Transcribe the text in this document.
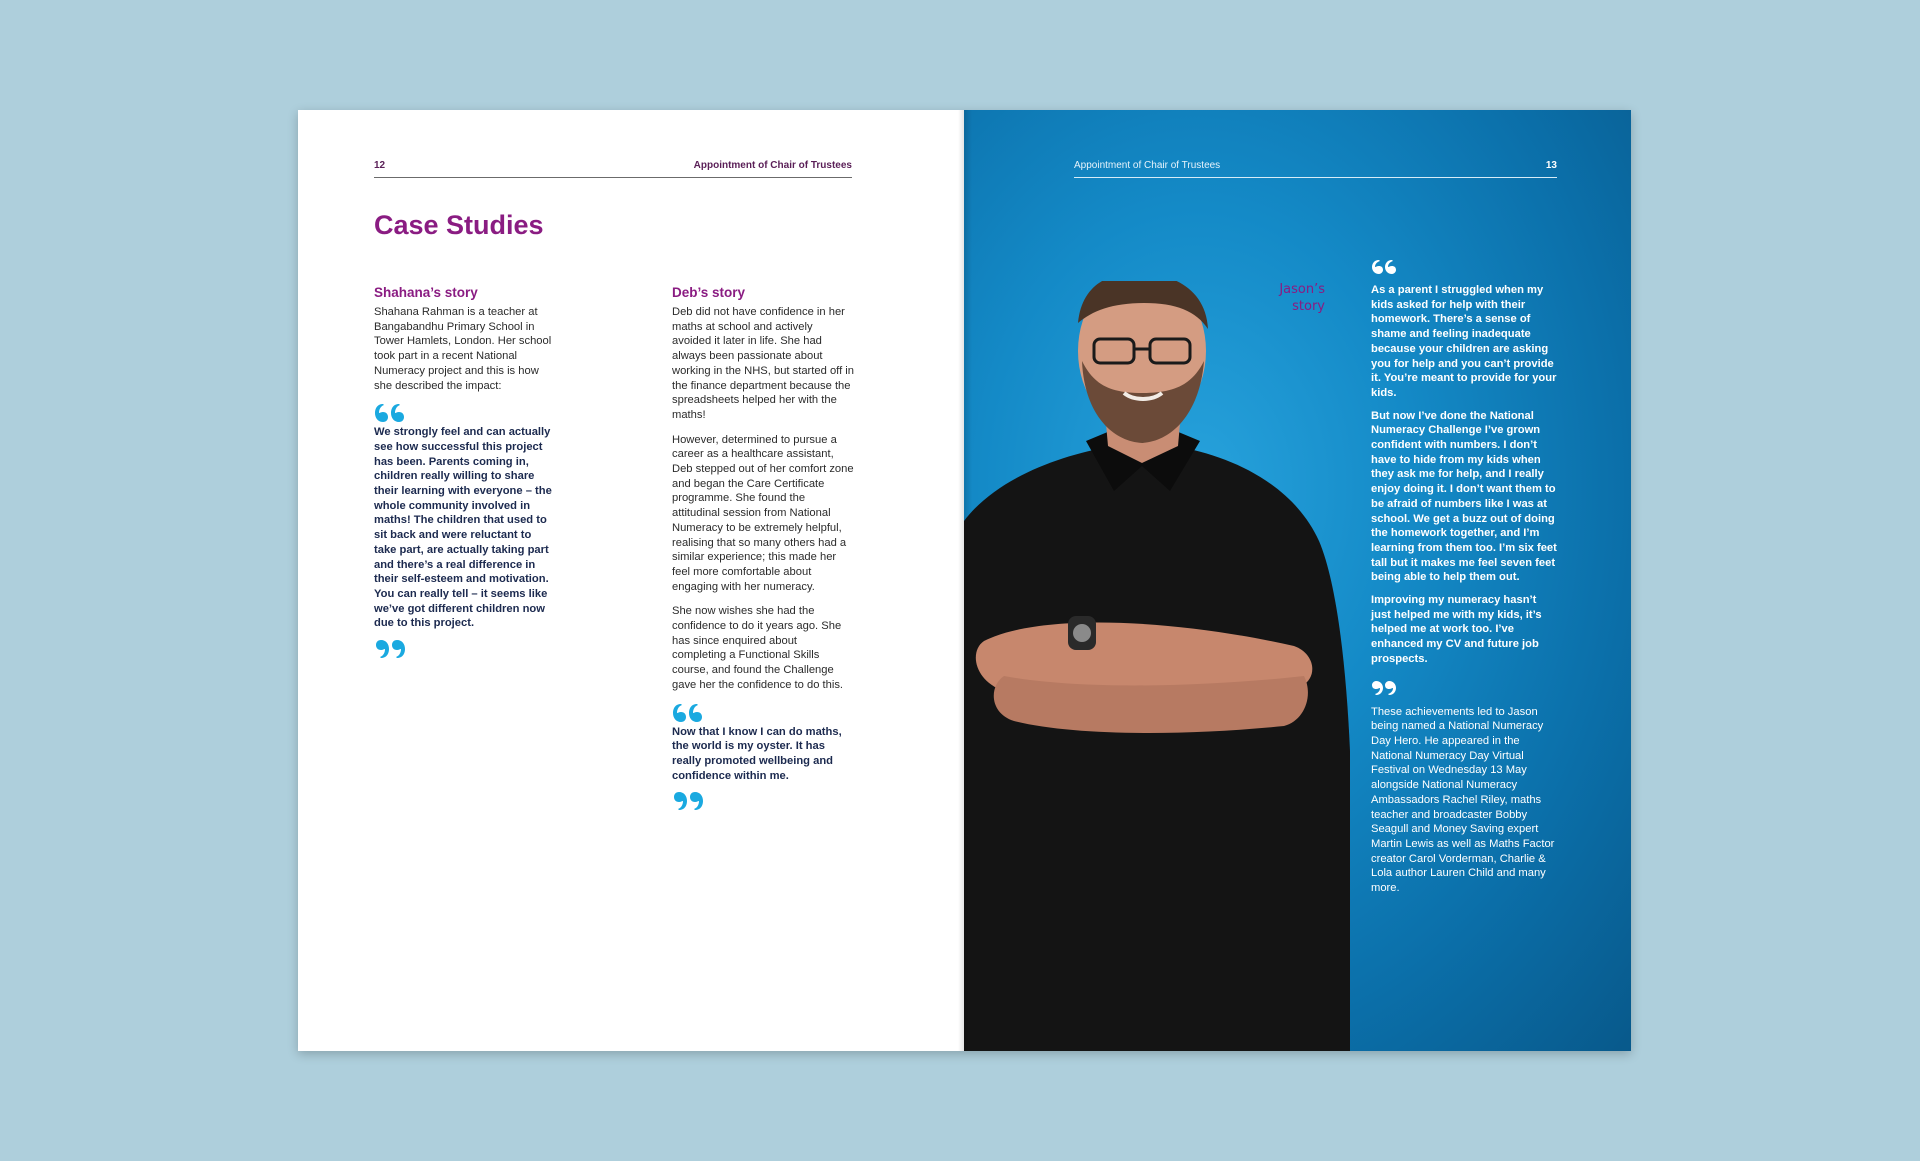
12	Appointment of Chair of Trustees
Case Studies
Shahana’s story

Shahana Rahman is a teacher at Bangabandhu Primary School in Tower Hamlets, London. Her school took part in a recent National Numeracy project and this is how she described the impact:

We strongly feel and can actually see how successful this project has been. Parents coming in, children really willing to share their learning with everyone – the whole community involved in maths! The children that used to sit back and were reluctant to take part, are actually taking part and there’s a real difference in their self-esteem and motivation. You can really tell – it seems like we’ve got different children now due to this project.

Deb’s story

Deb did not have confidence in her maths at school and actively avoided it later in life. She had always been passionate about working in the NHS, but started off in the finance department because the spreadsheets helped her with the maths!

However, determined to pursue a career as a healthcare assistant, Deb stepped out of her comfort zone and began the Care Certificate programme. She found the attitudinal session from National Numeracy to be extremely helpful, realising that so many others had a similar experience; this made her feel more comfortable about engaging with her numeracy.

She now wishes she had the confidence to do it years ago. She has since enquired about completing a Functional Skills course, and found the Challenge gave her the confidence to do this.

Now that I know I can do maths, the world is my oyster. It has really promoted wellbeing and confidence within me.

Appointment of Chair of Trustees	13
Jason’s
story

As a parent I struggled when my kids asked for help with their homework. There’s a sense of shame and feeling inadequate because your children are asking you for help and you can’t provide it. You’re meant to provide for your kids.

But now I’ve done the National Numeracy Challenge I’ve grown confident with numbers. I don’t have to hide from my kids when they ask me for help, and I really enjoy doing it. I don’t want them to be afraid of numbers like I was at school. We get a buzz out of doing the homework together, and I’m learning from them too. I’m six feet tall but it makes me feel seven feet being able to help them out.

Improving my numeracy hasn’t just helped me with my kids, it’s helped me at work too. I’ve enhanced my CV and future job prospects.

These achievements led to Jason being named a National Numeracy Day Hero. He appeared in the National Numeracy Day Virtual Festival on Wednesday 13 May alongside National Numeracy Ambassadors Rachel Riley, maths teacher and broadcaster Bobby Seagull and Money Saving expert Martin Lewis as well as Maths Factor creator Carol Vorderman, Charlie & Lola author Lauren Child and many more.
